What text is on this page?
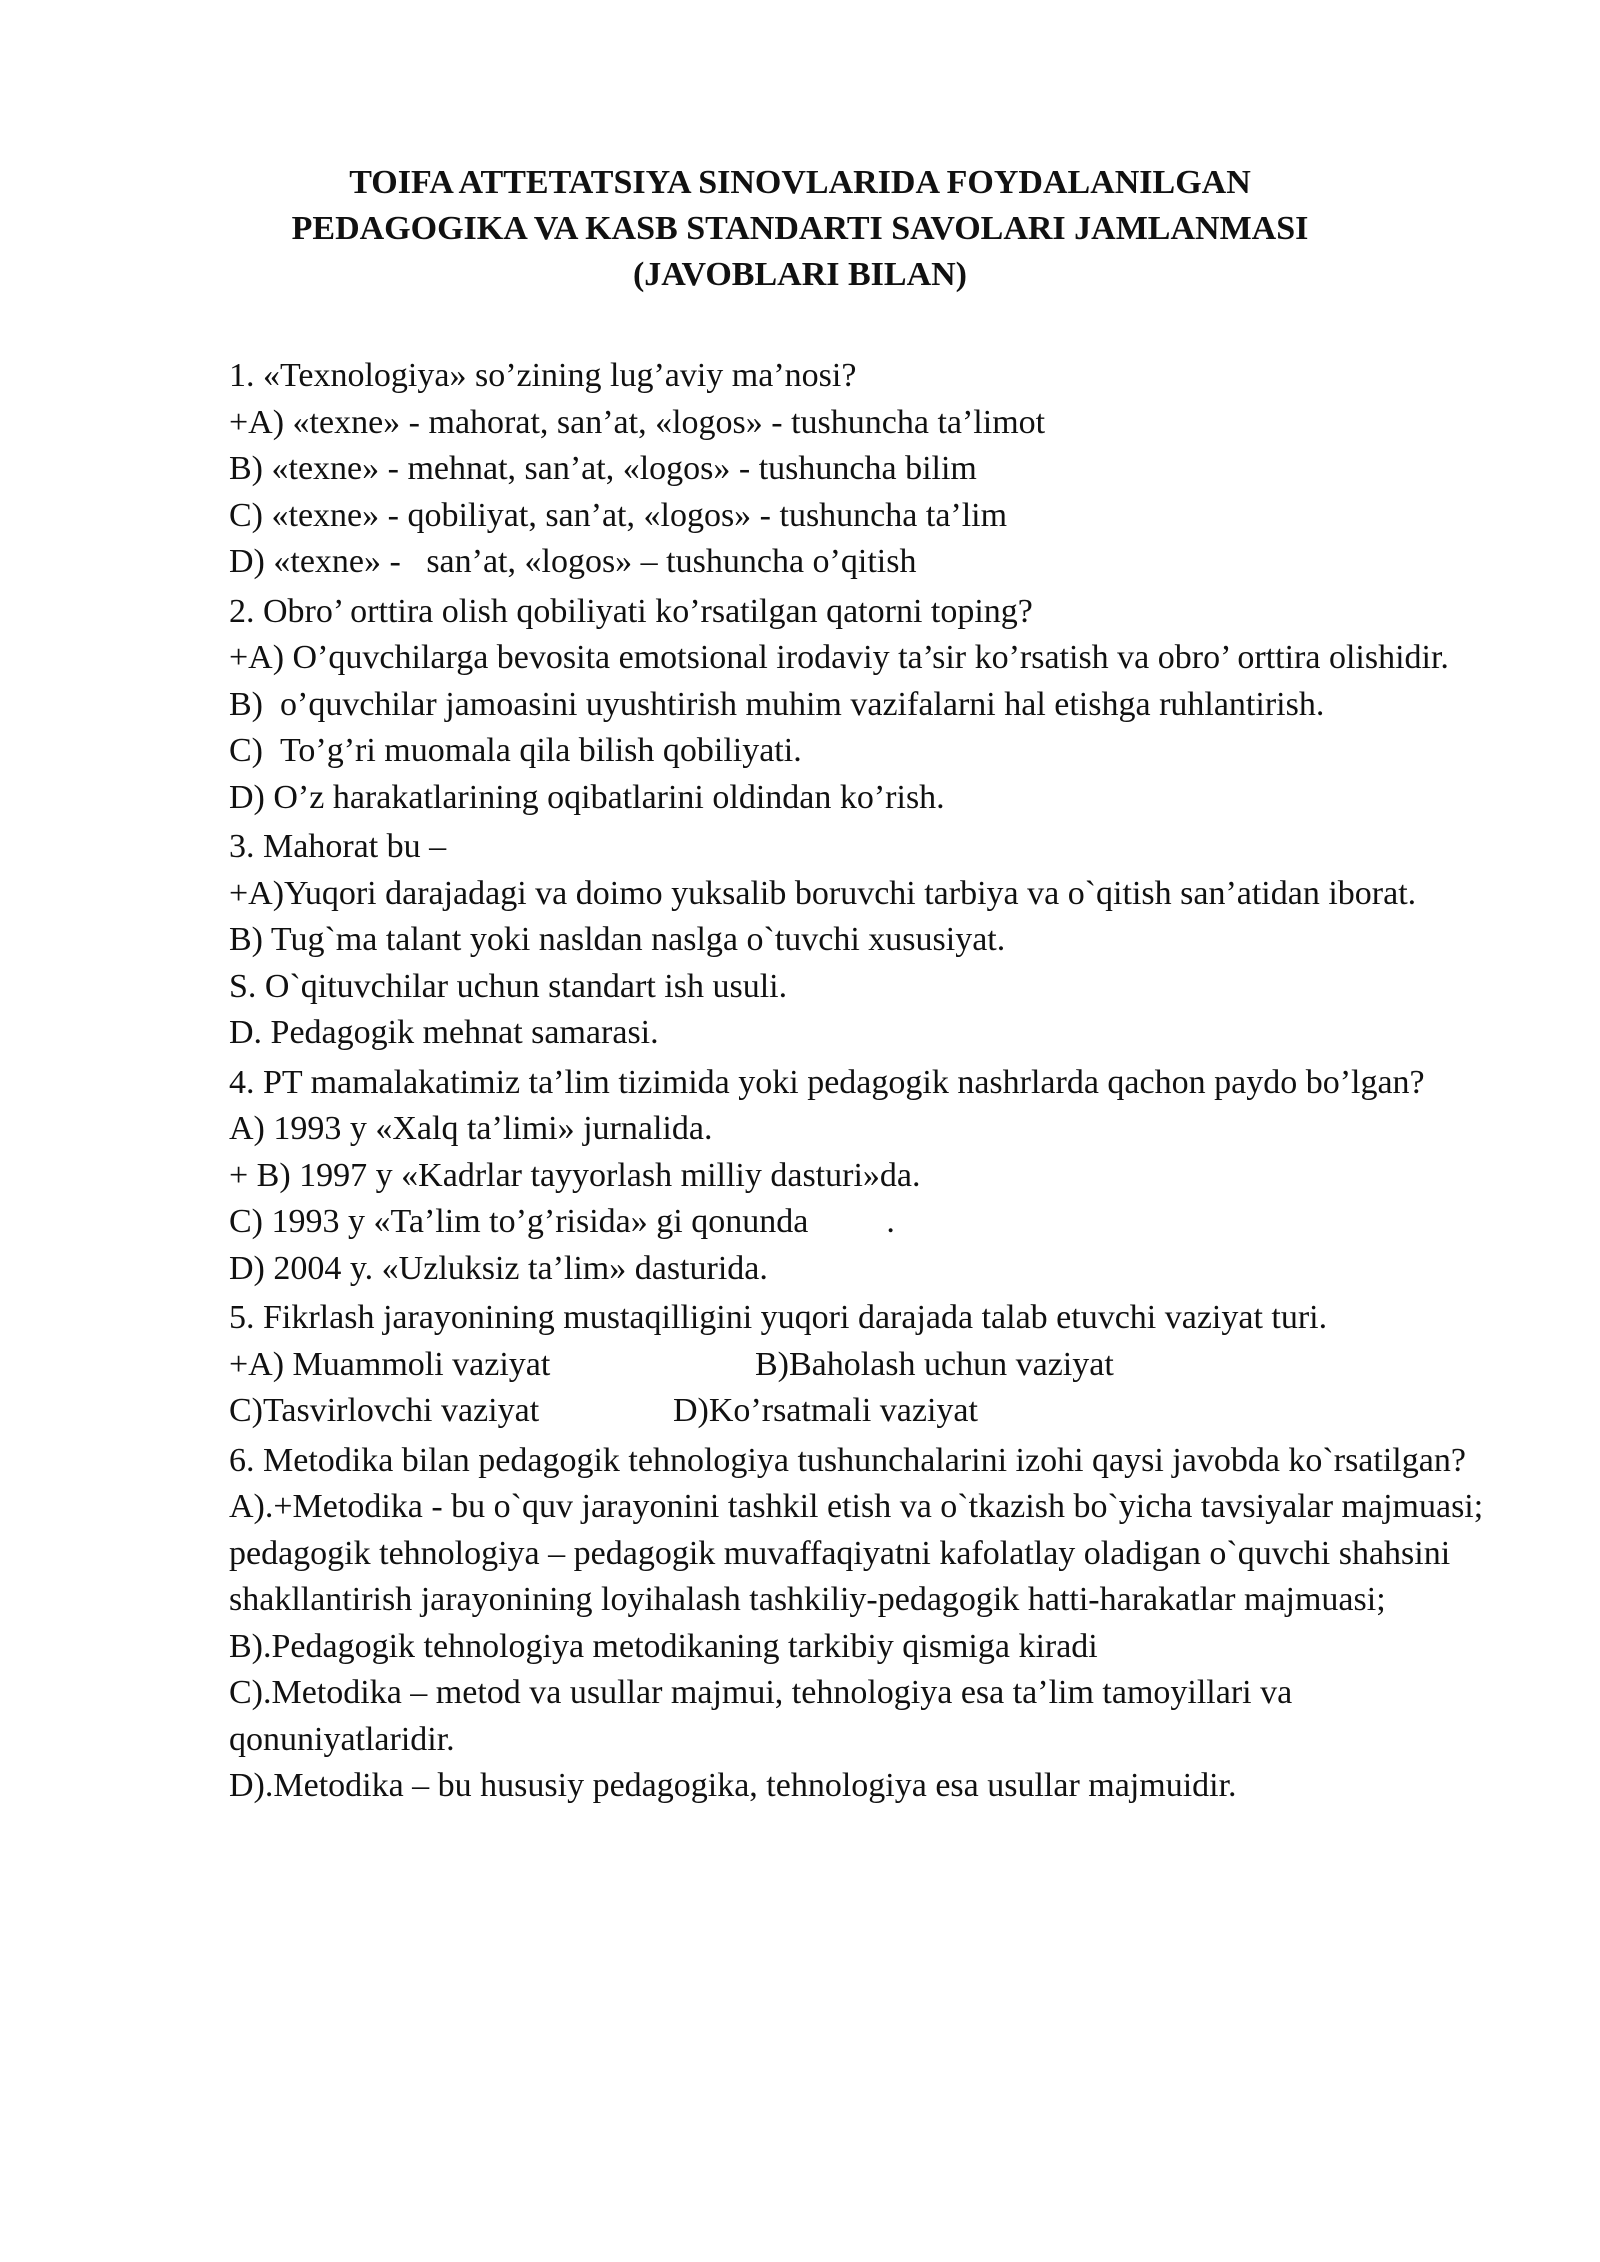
TOIFA ATTETATSIYA SINOVLARIDA FOYDALANILGAN
PEDAGOGIKA VA KASB STANDARTI SAVOLARI JAMLANMASI
(JAVOBLARI BILAN)
1. «Texnologiya» so’zining lug’aviy ma’nosi?
+A) «texne» - mahorat, san’at, «logos» - tushuncha ta’limot
B) «texne» - mehnat, san’at, «logos» - tushuncha bilim
C) «texne» - qobiliyat, san’at, «logos» - tushuncha ta’lim
D) «texne» -   san’at, «logos» – tushuncha o’qitish
2. Obro’ orttira olish qobiliyati ko’rsatilgan qatorni toping?
+A) O’quvchilarga bevosita emotsional irodaviy ta’sir ko’rsatish va obro’ orttira olishidir.
B)  o’quvchilar jamoasini uyushtirish muhim vazifalarni hal etishga ruhlantirish.
C)  To’g’ri muomala qila bilish qobiliyati.
D) O’z harakatlarining oqibatlarini oldindan ko’rish.
3. Mahorat bu –
+A)Yuqori darajadagi va doimo yuksalib boruvchi tarbiya va o`qitish san’atidan iborat.
B) Tug`ma talant yoki nasldan naslga o`tuvchi xususiyat.
S. O`qituvchilar uchun standart ish usuli.
D. Pedagogik mehnat samarasi.
4. PT mamalakatimiz ta’lim tizimida yoki pedagogik nashrlarda qachon paydo bo’lgan?
A) 1993 y «Xalq ta’limi» jurnalida.
+ B) 1997 y «Kadrlar tayyorlash milliy dasturi»da.
C) 1993 y «Ta’lim to’g’risida» gi qonunda .
D) 2004 y. «Uzluksiz ta’lim» dasturida.
5. Fikrlash jarayonining mustaqilligini yuqori darajada talab etuvchi vaziyat turi.
+A) Muammoli vaziyat	B)Baholash uchun vaziyat
C)Tasvirlovchi vaziyat	D)Ko’rsatmali vaziyat
6. Metodika bilan pedagogik tehnologiya tushunchalarini izohi qaysi javobda ko`rsatilgan?
A).+Metodika - bu o`quv jarayonini tashkil etish va o`tkazish bo`yicha tavsiyalar majmuasi;
pedagogik tehnologiya – pedagogik muvaffaqiyatni kafolatlay oladigan o`quvchi shahsini shakllantirish jarayonining loyihalash tashkiliy-pedagogik hatti-harakatlar majmuasi;
B).Pedagogik tehnologiya metodikaning tarkibiy qismiga kiradi
C).Metodika – metod va usullar majmui, tehnologiya esa ta’lim tamoyillari va qonuniyatlaridir.
D).Metodika – bu hususiy pedagogika, tehnologiya esa usullar majmuidir.
